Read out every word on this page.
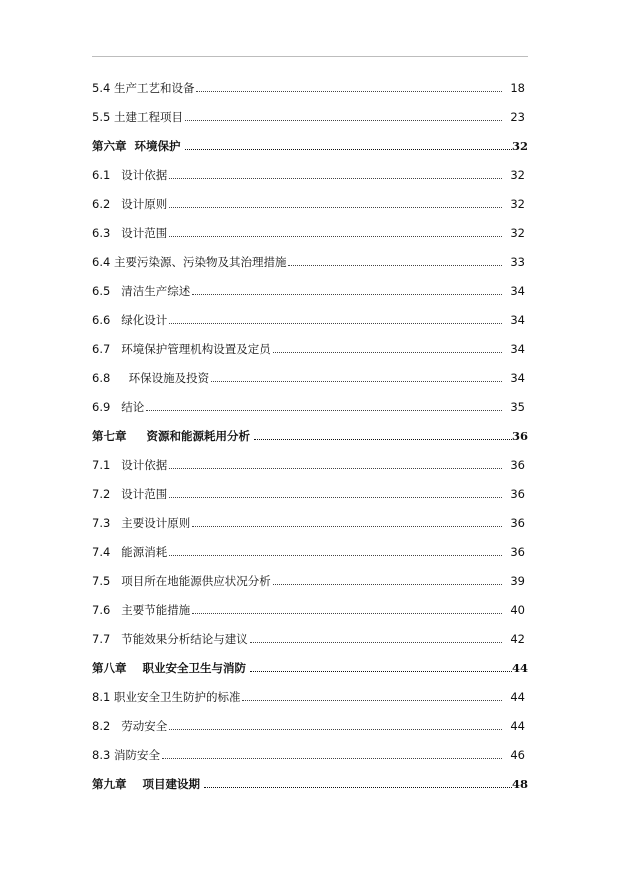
5.4 生产工艺和设备	18
5.5 土建工程项目	23
第六章  环境保护	32
6.1   设计依据	32
6.2   设计原则	32
6.3   设计范围	32
6.4 主要污染源、污染物及其治理措施	33
6.5   清洁生产综述	34
6.6   绿化设计	34
6.7   环境保护管理机构设置及定员	34
6.8     环保设施及投资	34
6.9   结论	35
第七章     资源和能源耗用分析	36
7.1   设计依据	36
7.2   设计范围	36
7.3   主要设计原则	36
7.4   能源消耗	36
7.5   项目所在地能源供应状况分析	39
7.6   主要节能措施	40
7.7   节能效果分析结论与建议	42
第八章    职业安全卫生与消防	44
8.1 职业安全卫生防护的标准	44
8.2   劳动安全	44
8.3 消防安全	46
第九章    项目建设期	48
